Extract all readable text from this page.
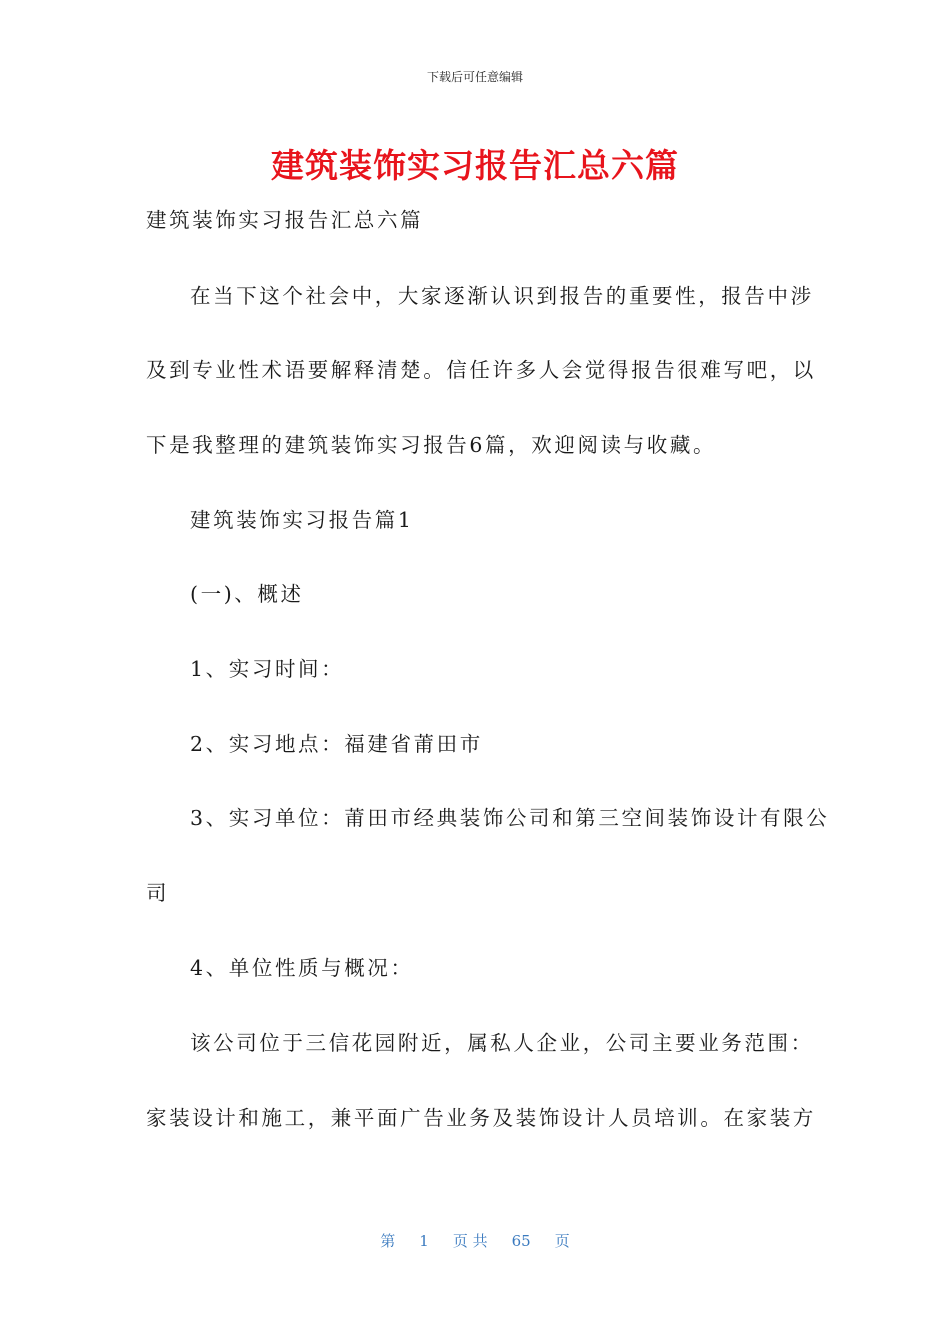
下载后可任意编辑
建筑装饰实习报告汇总六篇
建筑装饰实习报告汇总六篇
在当下这个社会中，大家逐渐认识到报告的重要性，报告中涉
及到专业性术语要解释清楚。信任许多人会觉得报告很难写吧，以
下是我整理的建筑装饰实习报告6篇，欢迎阅读与收藏。
建筑装饰实习报告篇1
(一)、概述
1、实习时间：
2、实习地点：福建省莆田市
3、实习单位：莆田市经典装饰公司和第三空间装饰设计有限公
司
4、单位性质与概况：
该公司位于三信花园附近，属私人企业，公司主要业务范围：
家装设计和施工，兼平面广告业务及装饰设计人员培训。在家装方
第 1 页 共 65 页
